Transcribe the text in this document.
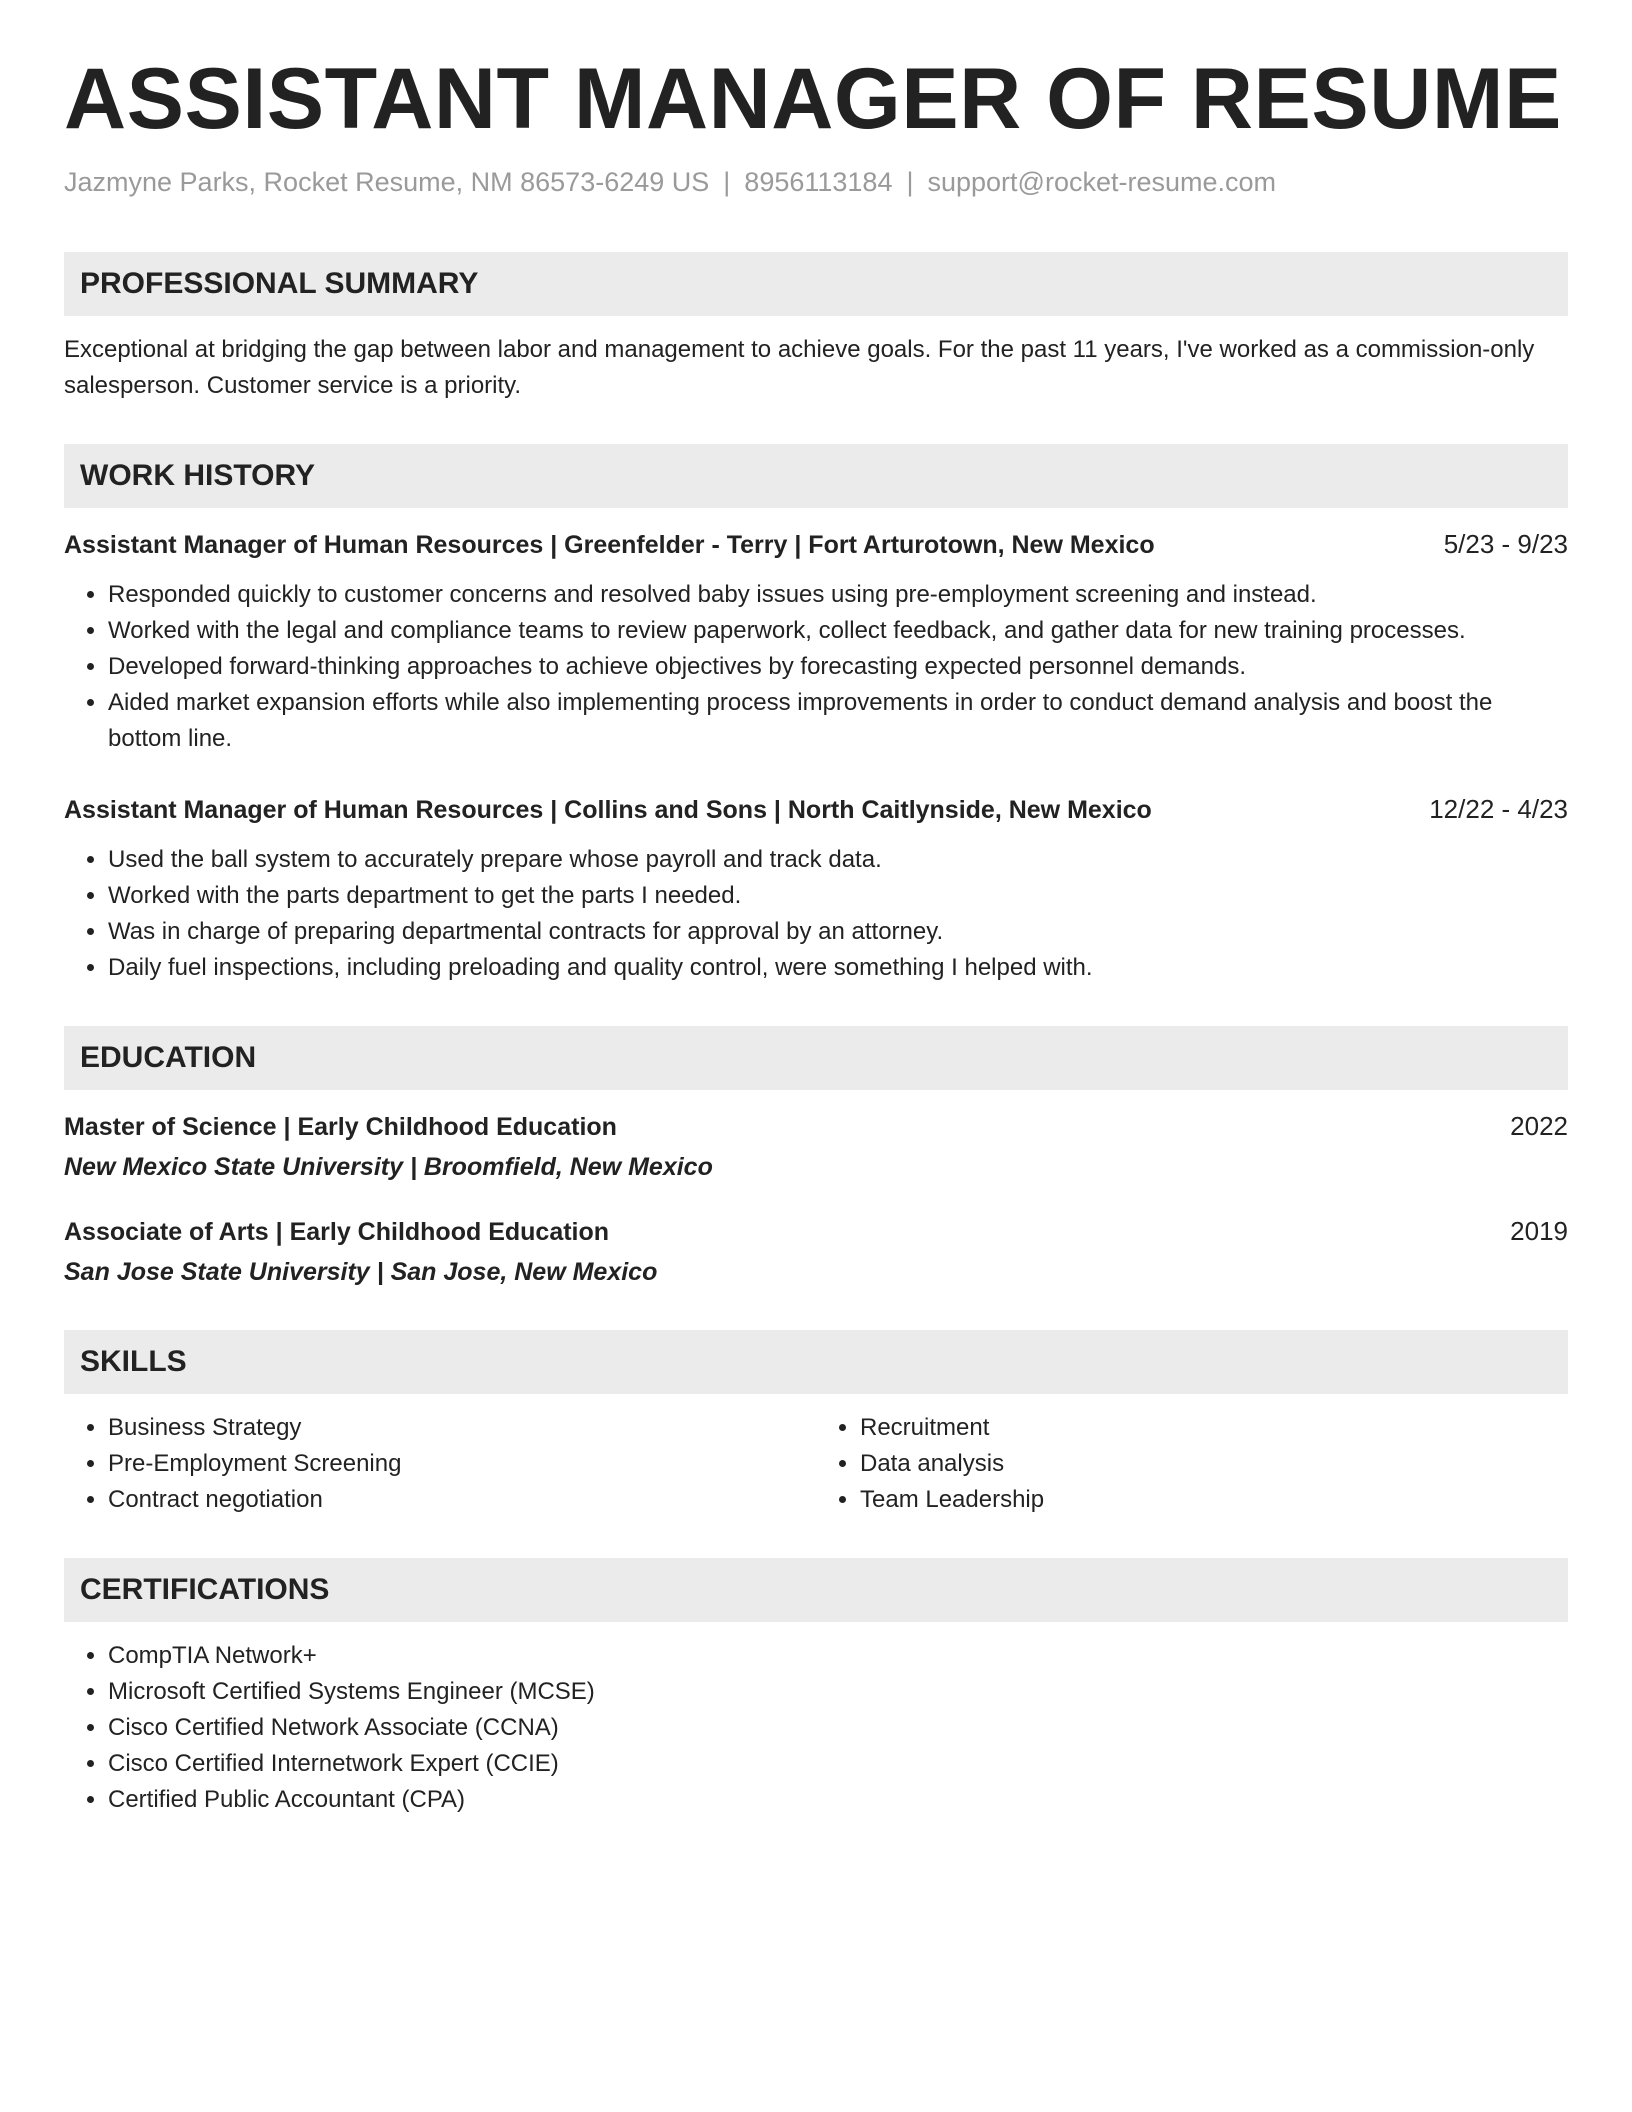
ASSISTANT MANAGER OF RESUME
Jazmyne Parks, Rocket Resume, NM 86573-6249 US | 8956113184 | support@rocket-resume.com
PROFESSIONAL SUMMARY
Exceptional at bridging the gap between labor and management to achieve goals. For the past 11 years, I've worked as a commission-only salesperson. Customer service is a priority.
WORK HISTORY
Assistant Manager of Human Resources | Greenfelder - Terry | Fort Arturotown, New Mexico	5/23 - 9/23
• Responded quickly to customer concerns and resolved baby issues using pre-employment screening and instead.
• Worked with the legal and compliance teams to review paperwork, collect feedback, and gather data for new training processes.
• Developed forward-thinking approaches to achieve objectives by forecasting expected personnel demands.
• Aided market expansion efforts while also implementing process improvements in order to conduct demand analysis and boost the bottom line.
Assistant Manager of Human Resources | Collins and Sons | North Caitlynside, New Mexico	12/22 - 4/23
• Used the ball system to accurately prepare whose payroll and track data.
• Worked with the parts department to get the parts I needed.
• Was in charge of preparing departmental contracts for approval by an attorney.
• Daily fuel inspections, including preloading and quality control, were something I helped with.
EDUCATION
Master of Science | Early Childhood Education	2022
New Mexico State University | Broomfield, New Mexico
Associate of Arts | Early Childhood Education	2019
San Jose State University | San Jose, New Mexico
SKILLS
• Business Strategy
• Pre-Employment Screening
• Contract negotiation
• Recruitment
• Data analysis
• Team Leadership
CERTIFICATIONS
• CompTIA Network+
• Microsoft Certified Systems Engineer (MCSE)
• Cisco Certified Network Associate (CCNA)
• Cisco Certified Internetwork Expert (CCIE)
• Certified Public Accountant (CPA)
